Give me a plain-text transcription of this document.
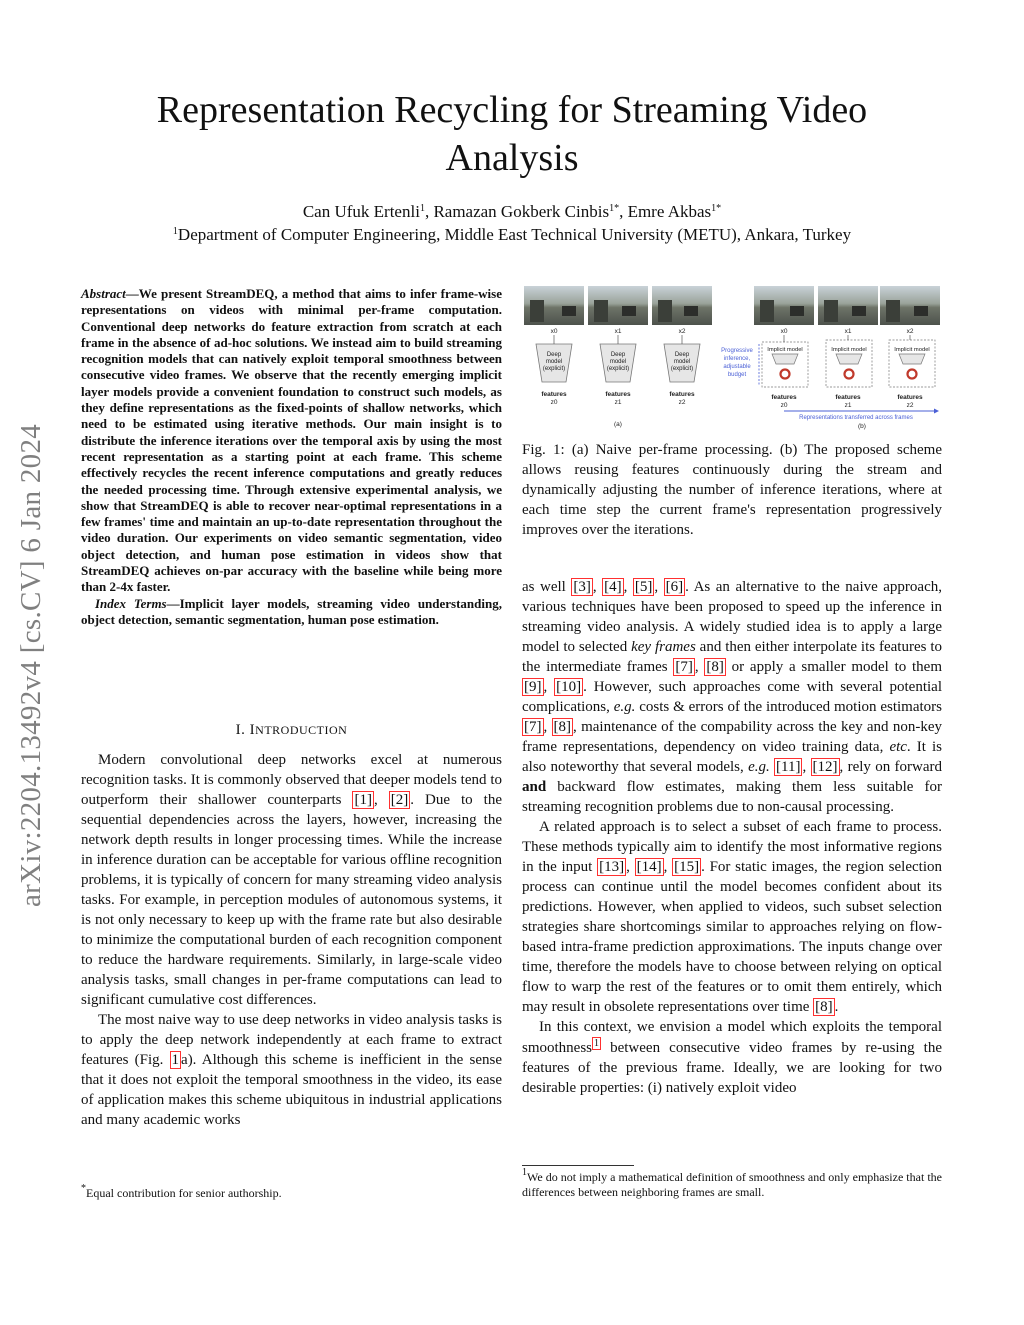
arXiv:2204.13492v4 [cs.CV] 6 Jan 2024
Representation Recycling for Streaming Video
Analysis
Can Ufuk Ertenli$^1$, Ramazan Gokberk Cinbis$^{1*}$, Emre Akbas$^{1*}$
$^1$Department of Computer Engineering, Middle East Technical University (METU), Ankara, Turkey

Abstract—We present StreamDEQ, a method that aims to infer frame-wise representations on videos with minimal per-frame computation. Conventional deep networks do feature extraction from scratch at each frame in the absence of ad-hoc solutions. We instead aim to build streaming recognition models that can natively exploit temporal smoothness between consecutive video frames. We observe that the recently emerging implicit layer models provide a convenient foundation to construct such models, as they define representations as the fixed-points of shallow networks, which need to be estimated using iterative methods. Our main insight is to distribute the inference iterations over the temporal axis by using the most recent representation as a starting point at each frame. This scheme effectively recycles the recent inference computations and greatly reduces the needed processing time. Through extensive experimental analysis, we show that StreamDEQ is able to recover near-optimal representations in a few frames' time and maintain an up-to-date representation throughout the video duration. Our experiments on video semantic segmentation, video object detection, and human pose estimation in videos show that StreamDEQ achieves on-par accuracy with the baseline while being more than 2-4x faster.

Index Terms—Implicit layer models, streaming video understanding, object detection, semantic segmentation, human pose estimation.

I. INTRODUCTION

Modern convolutional deep networks excel at numerous recognition tasks. It is commonly observed that deeper models tend to outperform their shallower counterparts [1] , [2] . Due to the sequential dependencies across the layers, however, increasing the network depth results in longer processing times. While the increase in inference duration can be acceptable for various offline recognition problems, it is typically of concern for many streaming video analysis tasks. For example, in perception modules of autonomous systems, it is not only necessary to keep up with the frame rate but also desirable to minimize the computational burden of each recognition component to reduce the hardware requirements. Similarly, in large-scale video analysis tasks, small changes in per-frame computations can lead to significant cumulative cost differences.

The most naive way to use deep networks in video analysis tasks is to apply the deep network independently at each frame to extract features (Fig. 1 a). Although this scheme is inefficient in the sense that it does not exploit the temporal smoothness in the video, its ease of application makes this scheme ubiquitous in industrial applications and many academic works

*Equal contribution for senior authorship.
x0	x1	x2
Deep
model
(explicit)
Deep
model
(explicit)
Deep
model
(explicit)
features	features	features
z0	z1	z2
(a)
x0	x1	x2
Implicit model	Implicit model	Implicit model
Progressive
inference,
adjustable
budget
features	features	features
z0	z1	z2
Representations transferred across frames
(b)

Fig. 1: (a) Naive per-frame processing. (b) The proposed scheme allows reusing features continuously during the stream and dynamically adjusting the number of inference iterations, where at each time step the current frame's representation progressively improves over the iterations.

as well [3] , [4] , [5] , [6] . As an alternative to the naive approach, various techniques have been proposed to speed up the inference in streaming video analysis. A widely studied idea is to apply a large model to selected key frames and then either interpolate its features to the intermediate frames [7] , [8] or apply a smaller model to them [9] , [10] . However, such approaches come with several potential complications, e.g. costs & errors of the introduced motion estimators [7] , [8] , maintenance of the compability across the key and non-key frame representations, dependency on video training data, etc. It is also noteworthy that several models, e.g. [11] , [12] , rely on forward and backward flow estimates, making them less suitable for streaming recognition problems due to non-causal processing.

A related approach is to select a subset of each frame to process. These methods typically aim to identify the most informative regions in the input [13] , [14] , [15] . For static images, the region selection process can continue until the model becomes confident about its predictions. However, when applied to videos, such subset selection strategies share shortcomings similar to approaches relying on flow-based intra-frame prediction approximations. The inputs change over time, therefore the models have to choose between relying on optical flow to warp the rest of the features or to omit them entirely, which may result in obsolete representations over time [8] .

In this context, we envision a model which exploits the temporal smoothness $^1$ between consecutive video frames by re-using the features of the previous frame. Ideally, we are looking for two desirable properties: (i) natively exploit video

$^1$We do not imply a mathematical definition of smoothness and only emphasize that the differences between neighboring frames are small.
